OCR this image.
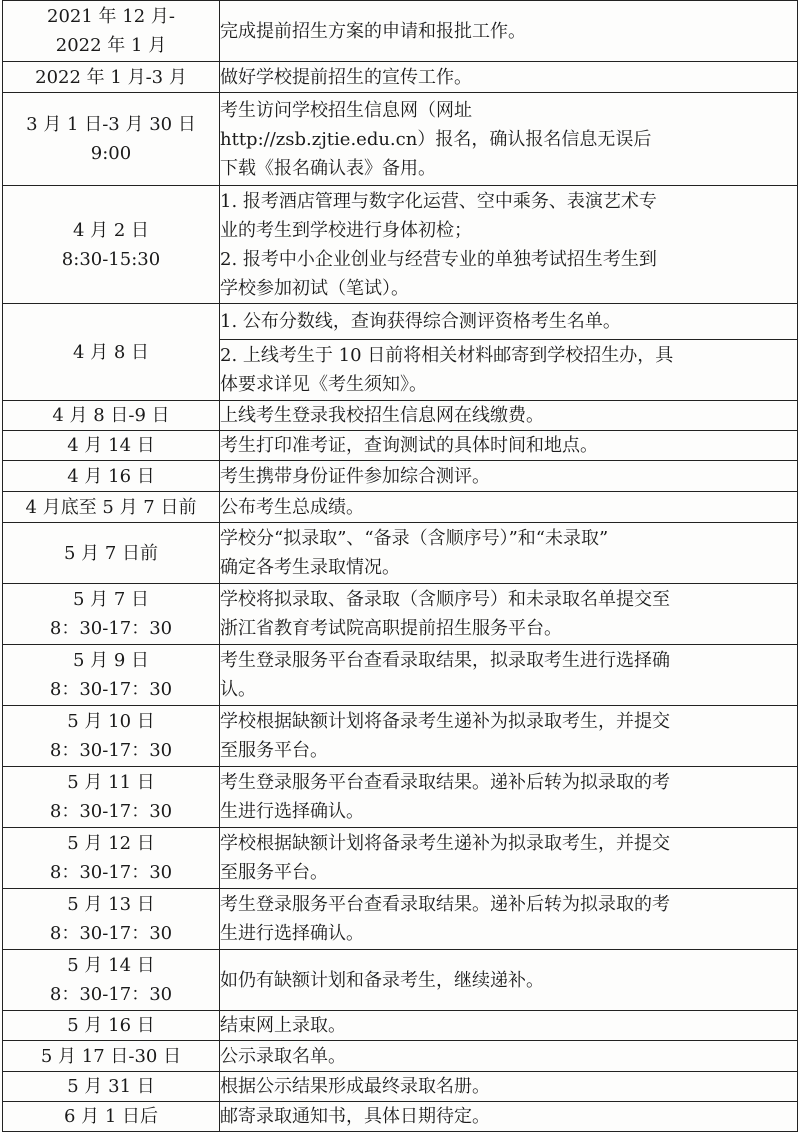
2021 年 12 月-
2022 年 1 月	完成提前招生方案的申请和报批工作。

2022 年 1 月-3 月	做好学校提前招生的宣传工作。

3 月 1 日-3 月 30 日
9:00	考生访问学校招生信息网（网址
http://zsb.zjtie.edu.cn）报名，确认报名信息无误后
下载《报名确认表》备用。

4 月 2 日
8:30-15:30	1. 报考酒店管理与数字化运营、空中乘务、表演艺术专
业的考生到学校进行身体初检；
2. 报考中小企业创业与经营专业的单独考试招生考生到
学校参加初试（笔试）。

4 月 8 日	1. 公布分数线，查询获得综合测评资格考生名单。

	2. 上线考生于 10 日前将相关材料邮寄到学校招生办，具
体要求详见《考生须知》。

4 月 8 日-9 日	上线考生登录我校招生信息网在线缴费。

4 月 14 日	考生打印准考证，查询测试的具体时间和地点。

4 月 16 日	考生携带身份证件参加综合测评。

4 月底至 5 月 7 日前	公布考生总成绩。

5 月 7 日前	学校分“拟录取”、“备录（含顺序号）”和“未录取”
确定各考生录取情况。

5 月 7 日
8：30-17：30	学校将拟录取、备录取（含顺序号）和未录取名单提交至
浙江省教育考试院高职提前招生服务平台。

5 月 9 日
8：30-17：30	考生登录服务平台查看录取结果，拟录取考生进行选择确
认。

5 月 10 日
8：30-17：30	学校根据缺额计划将备录考生递补为拟录取考生，并提交
至服务平台。

5 月 11 日
8：30-17：30	考生登录服务平台查看录取结果。递补后转为拟录取的考
生进行选择确认。

5 月 12 日
8：30-17：30	学校根据缺额计划将备录考生递补为拟录取考生，并提交
至服务平台。

5 月 13 日
8：30-17：30	考生登录服务平台查看录取结果。递补后转为拟录取的考
生进行选择确认。

5 月 14 日
8：30-17：30	如仍有缺额计划和备录考生，继续递补。

5 月 16 日	结束网上录取。

5 月 17 日-30 日	公示录取名单。

5 月 31 日	根据公示结果形成最终录取名册。

6 月 1 日后	邮寄录取通知书，具体日期待定。
